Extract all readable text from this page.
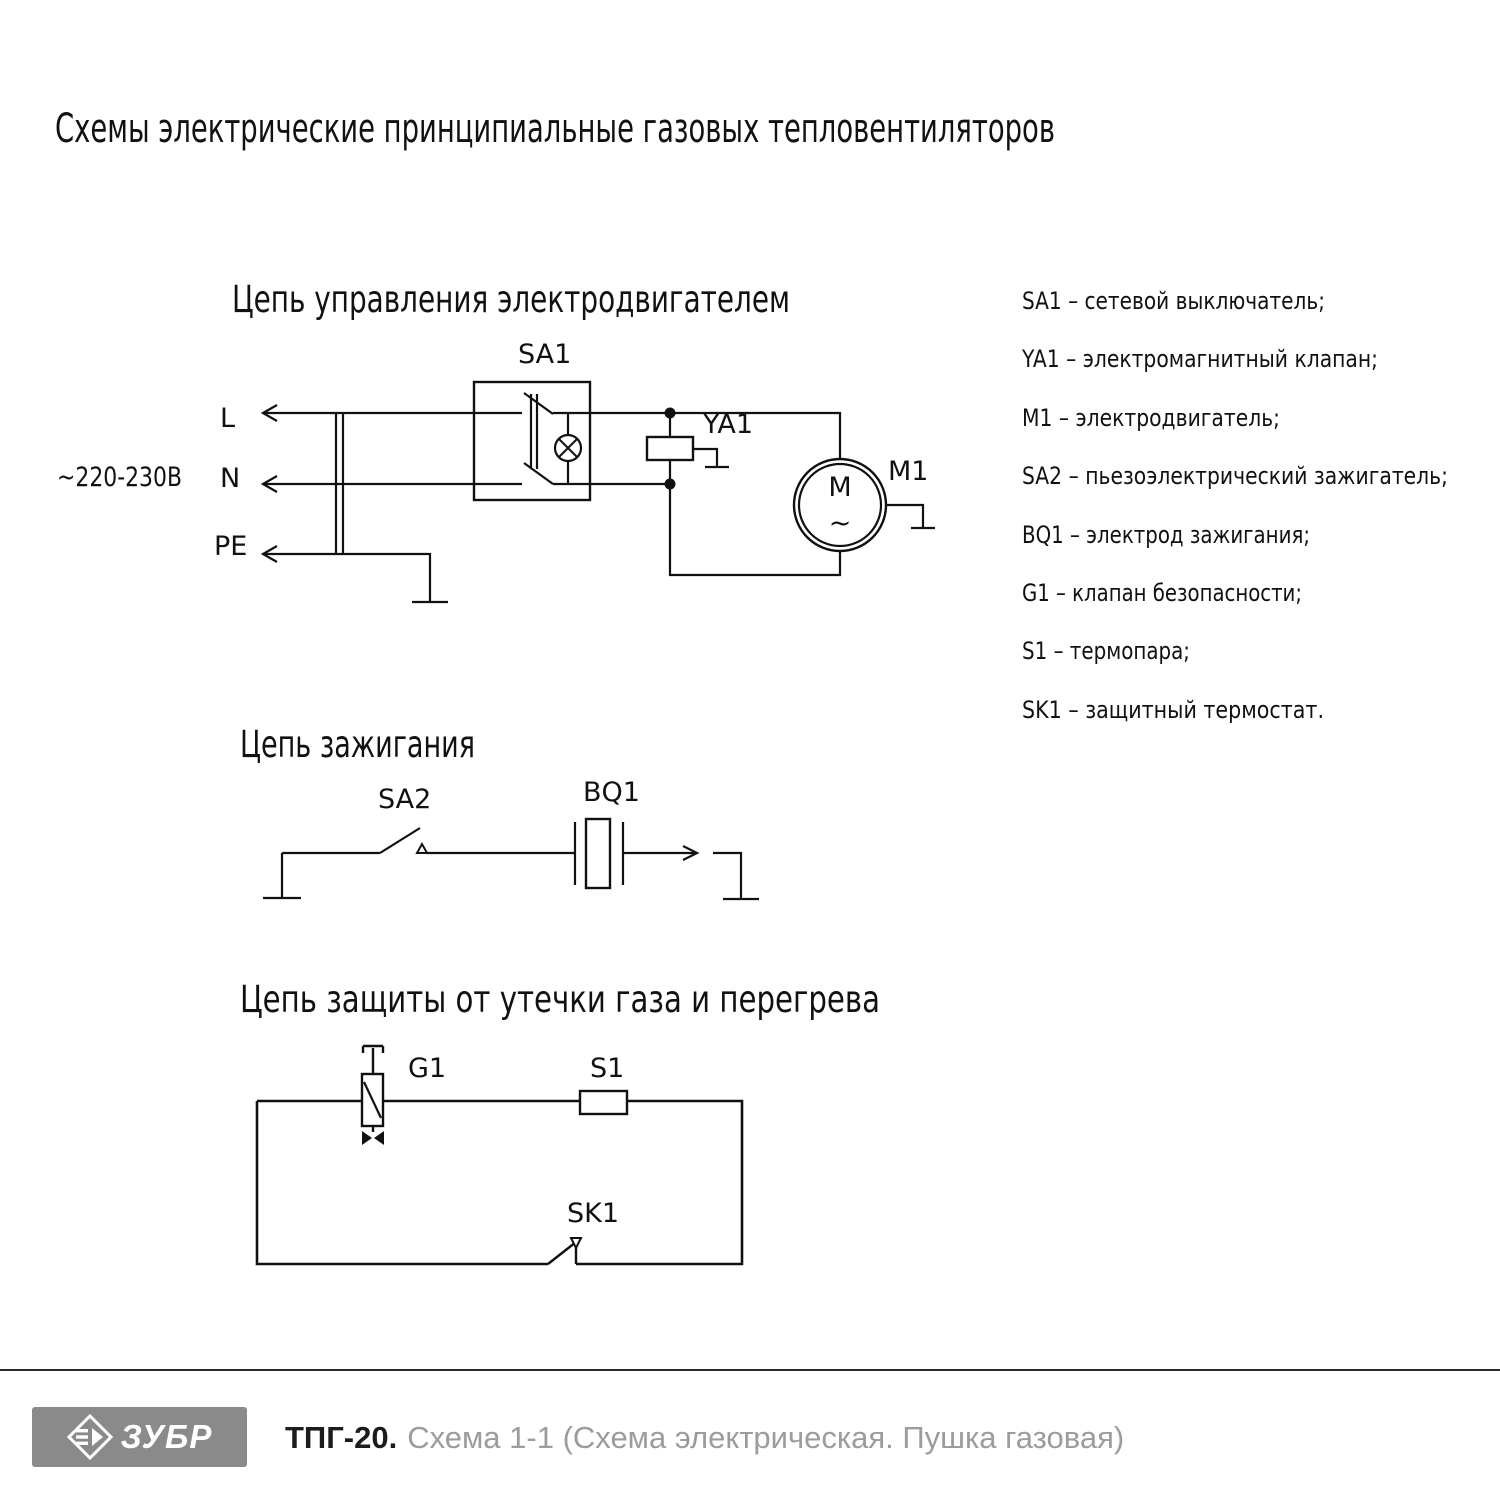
Схемы электрические принципиальные газовых тепловентиляторов
Цепь управления электродвигателем
M
~
~220-230В
L
N
PE
SA1
YA1
M1
Цепь зажигания
SA2	BQ1
Цепь защиты от утечки газа и перегрева
G1	S1
SK1
SA1 – сетевой выключатель;
YA1 – электромагнитный клапан;
M1 – электродвигатель;
SA2 – пьезоэлектрический зажигатель;
BQ1 – электрод зажигания;
G1 – клапан безопасности;
S1 – термопара;
SK1 – защитный термостат.
ЗУБР ТПГ-20. Схема 1-1 (Схема электрическая. Пушка газовая)
